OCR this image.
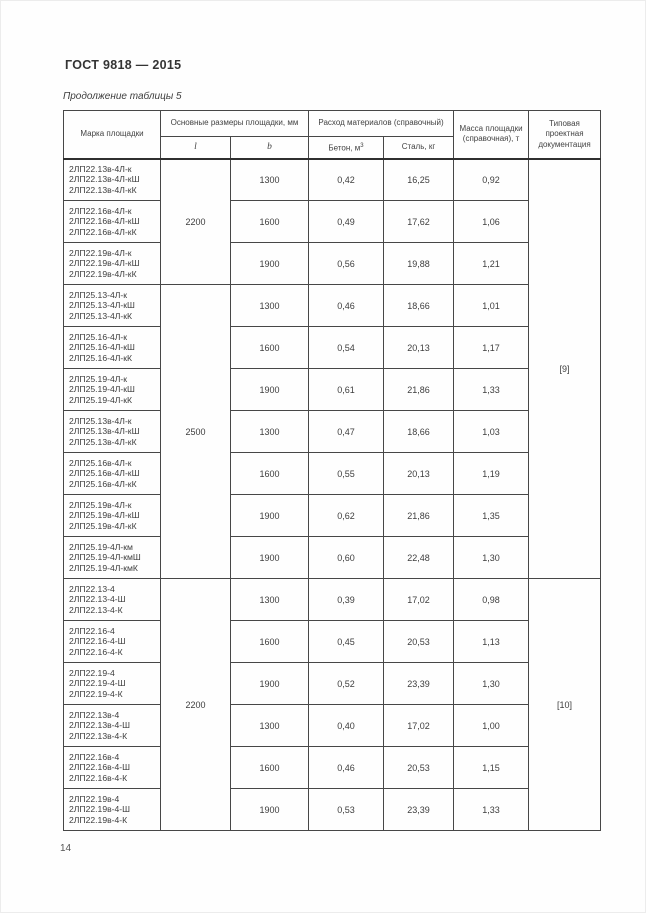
ГОСТ 9818 — 2015
Продолжение таблицы 5
Марка площадки	Основные размеры площадки, мм		Расход материалов (справочный)		Масса площадки (справочная), т	Типовая проектная документация
	l	b	Бетон, $м^3$	Сталь, кг		
2ЛП22.13в-4Л-к
2ЛП22.13в-4Л-кШ
2ЛП22.13в-4Л-кК	2200	1300	0,42	16,25	0,92	[9]
2ЛП22.16в-4Л-к
2ЛП22.16в-4Л-кШ
2ЛП22.16в-4Л-кК		1600	0,49	17,62	1,06	
2ЛП22.19в-4Л-к
2ЛП22.19в-4Л-кШ
2ЛП22.19в-4Л-кК		1900	0,56	19,88	1,21	
2ЛП25.13-4Л-к
2ЛП25.13-4Л-кШ
2ЛП25.13-4Л-кК	2500	1300	0,46	18,66	1,01	
2ЛП25.16-4Л-к
2ЛП25.16-4Л-кШ
2ЛП25.16-4Л-кК		1600	0,54	20,13	1,17	
2ЛП25.19-4Л-к
2ЛП25.19-4Л-кШ
2ЛП25.19-4Л-кК		1900	0,61	21,86	1,33	
2ЛП25.13в-4Л-к
2ЛП25.13в-4Л-кШ
2ЛП25.13в-4Л-кК		1300	0,47	18,66	1,03	
2ЛП25.16в-4Л-к
2ЛП25.16в-4Л-кШ
2ЛП25.16в-4Л-кК		1600	0,55	20,13	1,19	
2ЛП25.19в-4Л-к
2ЛП25.19в-4Л-кШ
2ЛП25.19в-4Л-кК		1900	0,62	21,86	1,35	
2ЛП25.19-4Л-км
2ЛП25.19-4Л-кмШ
2ЛП25.19-4Л-кмК		1900	0,60	22,48	1,30	
2ЛП22.13-4
2ЛП22.13-4-Ш
2ЛП22.13-4-К	2200	1300	0,39	17,02	0,98	[10]
2ЛП22.16-4
2ЛП22.16-4-Ш
2ЛП22.16-4-К		1600	0,45	20,53	1,13	
2ЛП22.19-4
2ЛП22.19-4-Ш
2ЛП22.19-4-К		1900	0,52	23,39	1,30	
2ЛП22.13в-4
2ЛП22.13в-4-Ш
2ЛП22.13в-4-К		1300	0,40	17,02	1,00	
2ЛП22.16в-4
2ЛП22.16в-4-Ш
2ЛП22.16в-4-К		1600	0,46	20,53	1,15	
2ЛП22.19в-4
2ЛП22.19в-4-Ш
2ЛП22.19в-4-К		1900	0,53	23,39	1,33	
14
